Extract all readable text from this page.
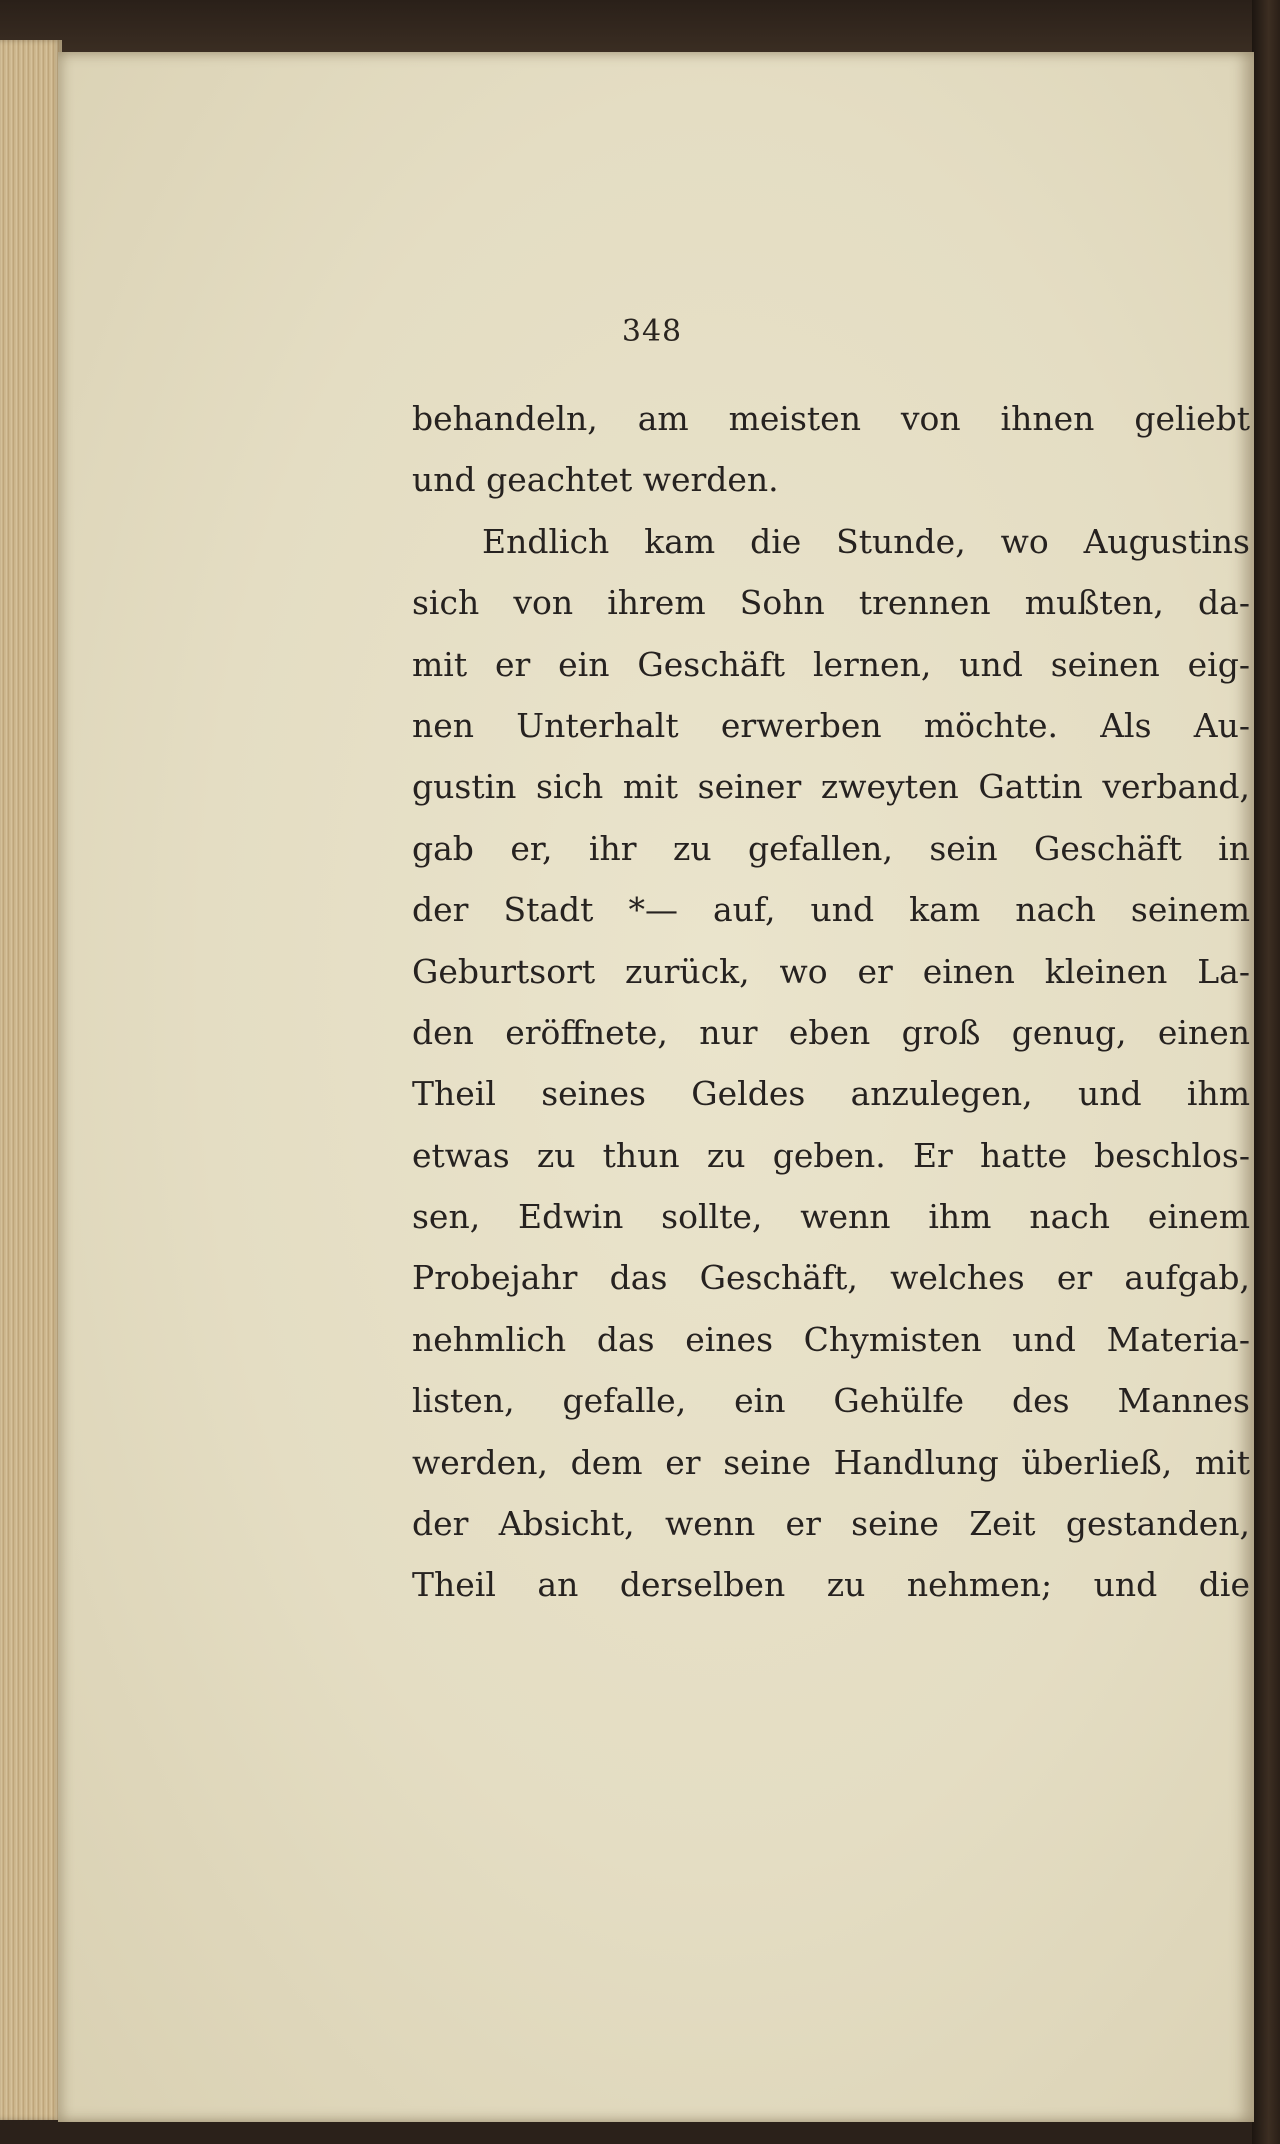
348
behandeln, am meisten von ihnen geliebt
und geachtet werden.
Endlich kam die Stunde, wo Augustins
sich von ihrem Sohn trennen mußten, da-
mit er ein Geschäft lernen, und seinen eig-
nen Unterhalt erwerben möchte. Als Au-
gustin sich mit seiner zweyten Gattin verband,
gab er, ihr zu gefallen, sein Geschäft in
der Stadt *— auf, und kam nach seinem
Geburtsort zurück, wo er einen kleinen La-
den eröffnete, nur eben groß genug, einen
Theil seines Geldes anzulegen, und ihm
etwas zu thun zu geben. Er hatte beschlos-
sen, Edwin sollte, wenn ihm nach einem
Probejahr das Geschäft, welches er aufgab,
nehmlich das eines Chymisten und Materia-
listen, gefalle, ein Gehülfe des Mannes
werden, dem er seine Handlung überließ, mit
der Absicht, wenn er seine Zeit gestanden,
Theil an derselben zu nehmen; und die
